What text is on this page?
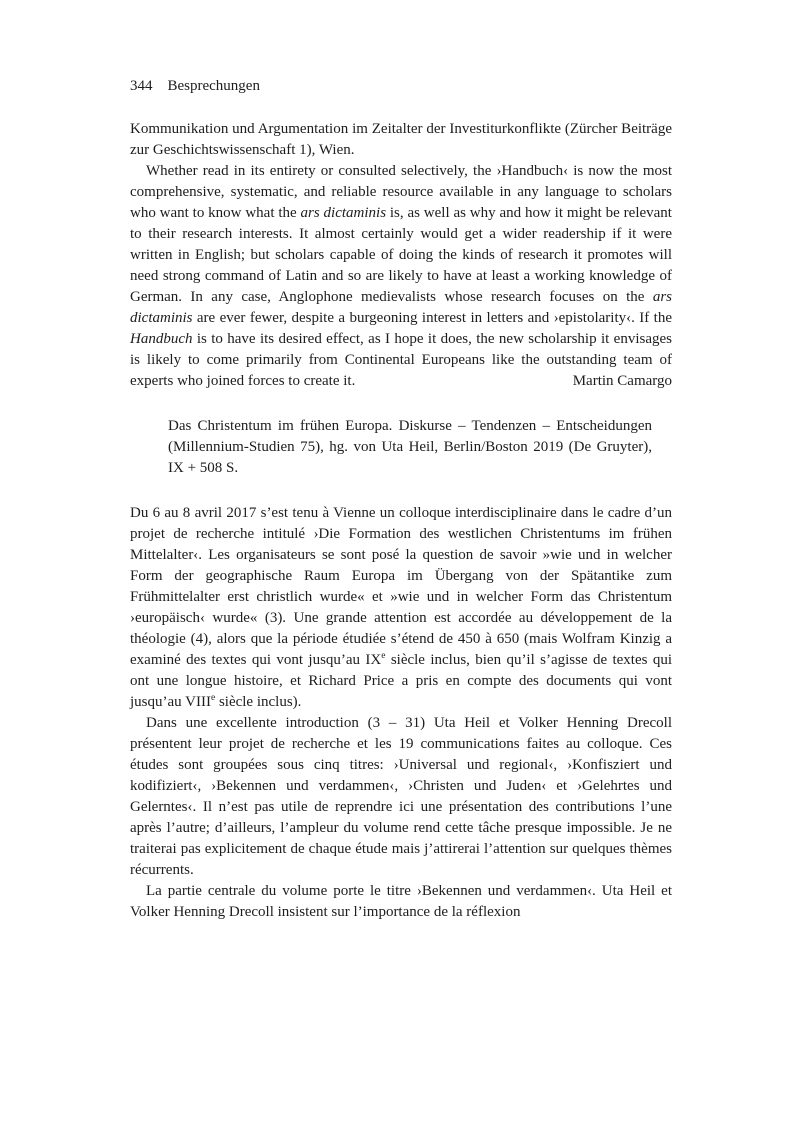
344 Besprechungen

Kommunikation und Argumentation im Zeitalter der Investiturkonflikte (Zürcher Beiträge zur Geschichtswissenschaft 1), Wien.

Whether read in its entirety or consulted selectively, the ›Handbuch‹ is now the most comprehensive, systematic, and reliable resource available in any language to scholars who want to know what the ars dictaminis is, as well as why and how it might be relevant to their research interests. It almost certainly would get a wider readership if it were written in English; but scholars capable of doing the kinds of research it promotes will need strong command of Latin and so are likely to have at least a working knowledge of German. In any case, Anglophone medievalists whose research focuses on the ars dictaminis are ever fewer, despite a burgeoning interest in letters and ›epistolarity‹. If the Handbuch is to have its desired effect, as I hope it does, the new scholarship it envisages is likely to come primarily from Continental Europeans like the outstanding team of experts who joined forces to create it.	Martin Camargo

Das Christentum im frühen Europa. Diskurse – Tendenzen – Entscheidungen (Millennium-Studien 75), hg. von Uta Heil, Berlin/Boston 2019 (De Gruyter), IX + 508 S.

Du 6 au 8 avril 2017 s’est tenu à Vienne un colloque interdisciplinaire dans le cadre d’un projet de recherche intitulé ›Die Formation des westlichen Christentums im frühen Mittelalter‹. Les organisateurs se sont posé la question de savoir »wie und in welcher Form der geographische Raum Europa im Übergang von der Spätantike zum Frühmittelalter erst christlich wurde« et »wie und in welcher Form das Christentum ›europäisch‹ wurde« (3). Une grande attention est accordée au développement de la théologie (4), alors que la période étudiée s’étend de 450 à 650 (mais Wolfram Kinzig a examiné des textes qui vont jusqu’au IXe siècle inclus, bien qu’il s’agisse de textes qui ont une longue histoire, et Richard Price a pris en compte des documents qui vont jusqu’au VIIIe siècle inclus).

Dans une excellente introduction (3 – 31) Uta Heil et Volker Henning Drecoll présentent leur projet de recherche et les 19 communications faites au colloque. Ces études sont groupées sous cinq titres: ›Universal und regional‹, ›Konfisziert und kodifiziert‹, ›Bekennen und verdammen‹, ›Christen und Juden‹ et ›Gelehrtes und Gelerntes‹. Il n’est pas utile de reprendre ici une présentation des contributions l’une après l’autre; d’ailleurs, l’ampleur du volume rend cette tâche presque impossible. Je ne traiterai pas explicitement de chaque étude mais j’attirerai l’attention sur quelques thèmes récurrents.

La partie centrale du volume porte le titre ›Bekennen und verdammen‹. Uta Heil et Volker Henning Drecoll insistent sur l’importance de la réflexion
